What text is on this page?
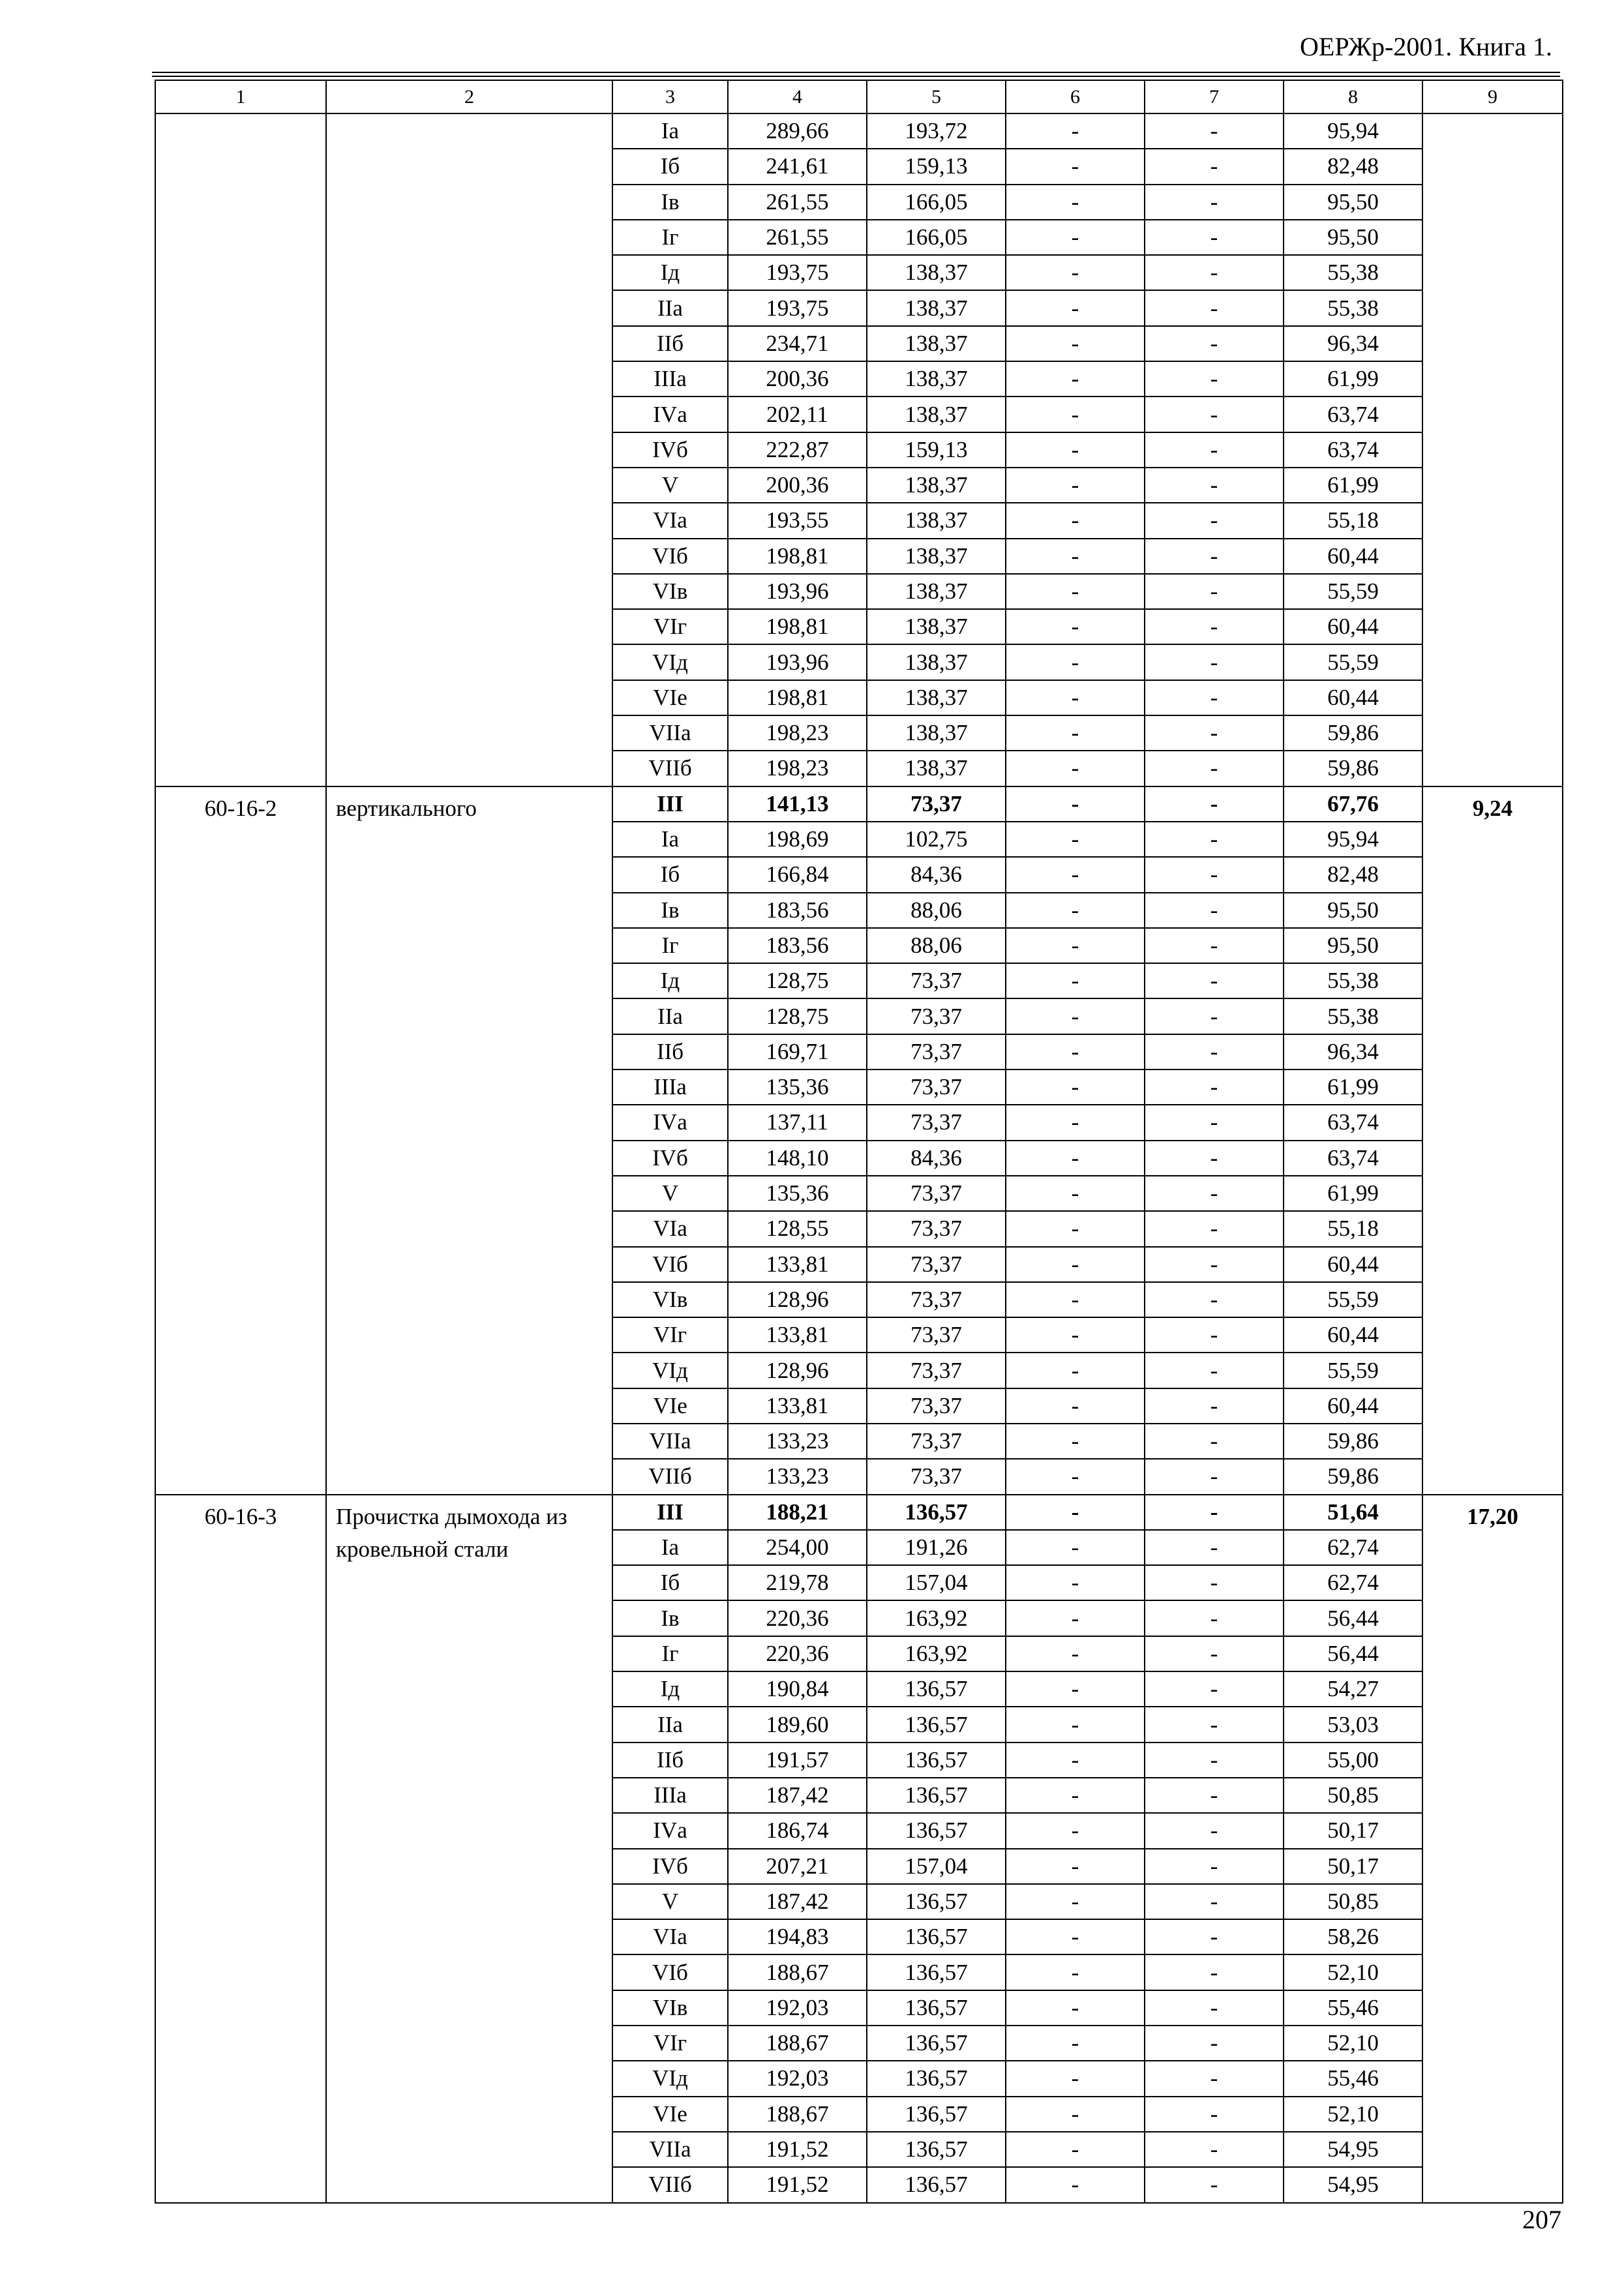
ОЕРЖр-2001. Книга 1.
1	2	3	4	5	6	7	8	9
		Iа	289,66	193,72	-	-	95,94	
		Iб	241,61	159,13	-	-	82,48	
		Iв	261,55	166,05	-	-	95,50	
		Iг	261,55	166,05	-	-	95,50	
		Iд	193,75	138,37	-	-	55,38	
		IIа	193,75	138,37	-	-	55,38	
		IIб	234,71	138,37	-	-	96,34	
		IIIа	200,36	138,37	-	-	61,99	
		IVа	202,11	138,37	-	-	63,74	
		IVб	222,87	159,13	-	-	63,74	
		V	200,36	138,37	-	-	61,99	
		VIа	193,55	138,37	-	-	55,18	
		VIб	198,81	138,37	-	-	60,44	
		VIв	193,96	138,37	-	-	55,59	
		VIг	198,81	138,37	-	-	60,44	
		VIд	193,96	138,37	-	-	55,59	
		VIе	198,81	138,37	-	-	60,44	
		VIIа	198,23	138,37	-	-	59,86	
		VIIб	198,23	138,37	-	-	59,86	
60-16-2	вертикального	III	141,13	73,37	-	-	67,76	9,24
		Iа	198,69	102,75	-	-	95,94	
		Iб	166,84	84,36	-	-	82,48	
		Iв	183,56	88,06	-	-	95,50	
		Iг	183,56	88,06	-	-	95,50	
		Iд	128,75	73,37	-	-	55,38	
		IIа	128,75	73,37	-	-	55,38	
		IIб	169,71	73,37	-	-	96,34	
		IIIа	135,36	73,37	-	-	61,99	
		IVа	137,11	73,37	-	-	63,74	
		IVб	148,10	84,36	-	-	63,74	
		V	135,36	73,37	-	-	61,99	
		VIа	128,55	73,37	-	-	55,18	
		VIб	133,81	73,37	-	-	60,44	
		VIв	128,96	73,37	-	-	55,59	
		VIг	133,81	73,37	-	-	60,44	
		VIд	128,96	73,37	-	-	55,59	
		VIе	133,81	73,37	-	-	60,44	
		VIIа	133,23	73,37	-	-	59,86	
		VIIб	133,23	73,37	-	-	59,86	
60-16-3	Прочистка дымохода из кровельной стали	III	188,21	136,57	-	-	51,64	17,20
		Iа	254,00	191,26	-	-	62,74	
		Iб	219,78	157,04	-	-	62,74	
		Iв	220,36	163,92	-	-	56,44	
		Iг	220,36	163,92	-	-	56,44	
		Iд	190,84	136,57	-	-	54,27	
		IIа	189,60	136,57	-	-	53,03	
		IIб	191,57	136,57	-	-	55,00	
		IIIа	187,42	136,57	-	-	50,85	
		IVа	186,74	136,57	-	-	50,17	
		IVб	207,21	157,04	-	-	50,17	
		V	187,42	136,57	-	-	50,85	
		VIа	194,83	136,57	-	-	58,26	
		VIб	188,67	136,57	-	-	52,10	
		VIв	192,03	136,57	-	-	55,46	
		VIг	188,67	136,57	-	-	52,10	
		VIд	192,03	136,57	-	-	55,46	
		VIе	188,67	136,57	-	-	52,10	
		VIIа	191,52	136,57	-	-	54,95	
		VIIб	191,52	136,57	-	-	54,95	
207
